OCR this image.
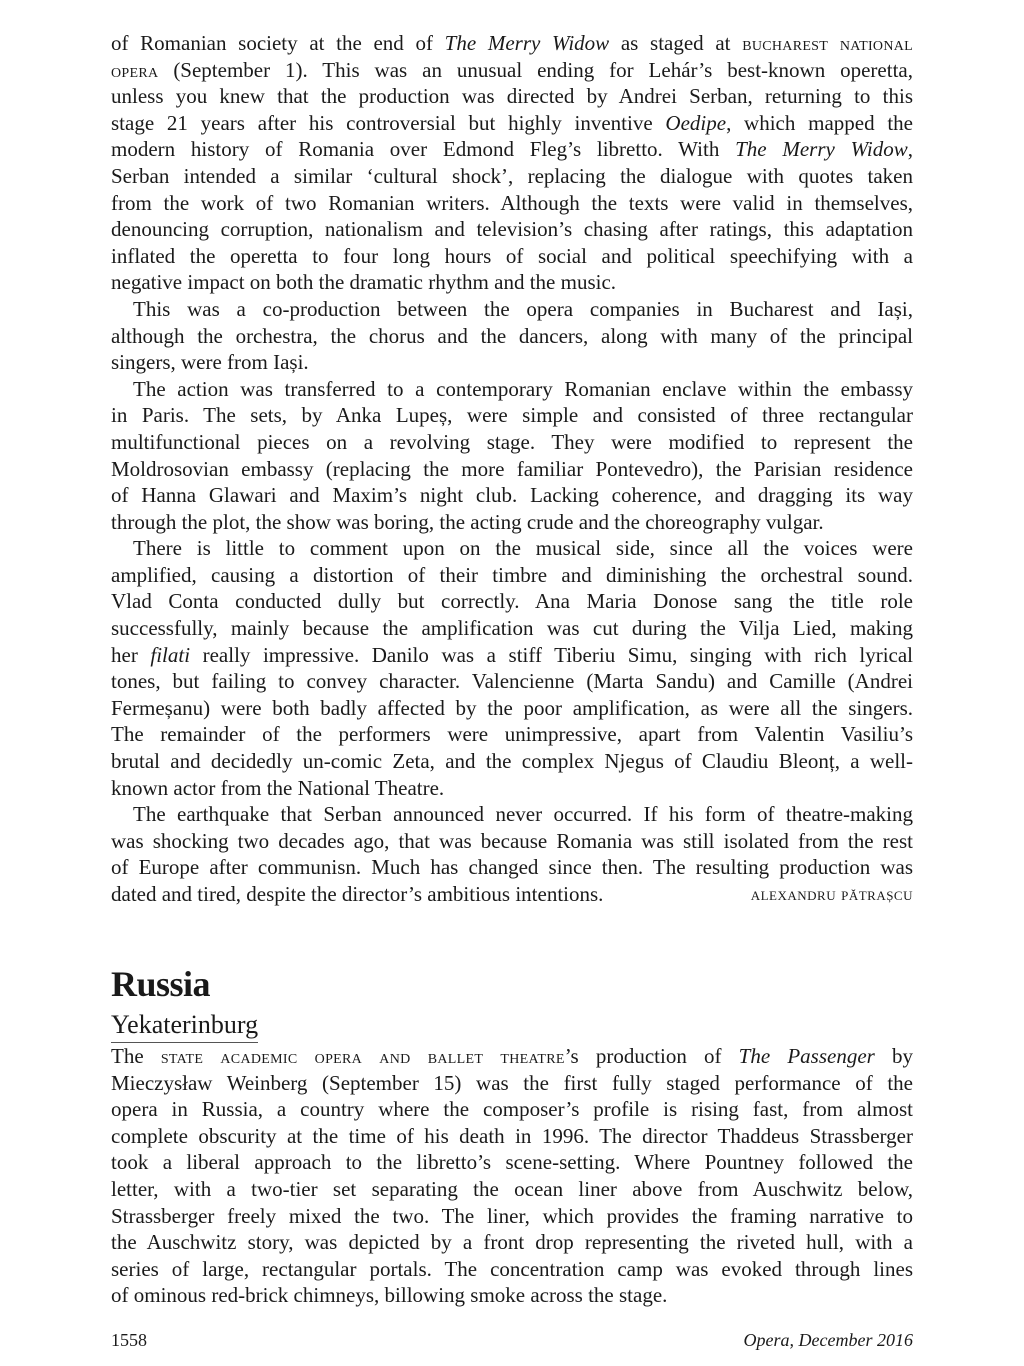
of Romanian society at the end of The Merry Widow as staged at bucharest national
opera (September 1). This was an unusual ending for Lehár’s best-known operetta,
unless you knew that the production was directed by Andrei Serban, returning to this
stage 21 years after his controversial but highly inventive Oedipe, which mapped the
modern history of Romania over Edmond Fleg’s libretto. With The Merry Widow,
Serban intended a similar ‘cultural shock’, replacing the dialogue with quotes taken
from the work of two Romanian writers. Although the texts were valid in themselves,
denouncing corruption, nationalism and television’s chasing after ratings, this adaptation
inflated the operetta to four long hours of social and political speechifying with a
negative impact on both the dramatic rhythm and the music.
This was a co-production between the opera companies in Bucharest and Iași,
although the orchestra, the chorus and the dancers, along with many of the principal
singers, were from Iași.
The action was transferred to a contemporary Romanian enclave within the embassy
in Paris. The sets, by Anka Lupeș, were simple and consisted of three rectangular
multifunctional pieces on a revolving stage. They were modified to represent the
Moldrosovian embassy (replacing the more familiar Pontevedro), the Parisian residence
of Hanna Glawari and Maxim’s night club. Lacking coherence, and dragging its way
through the plot, the show was boring, the acting crude and the choreography vulgar.
There is little to comment upon on the musical side, since all the voices were
amplified, causing a distortion of their timbre and diminishing the orchestral sound.
Vlad Conta conducted dully but correctly. Ana Maria Donose sang the title role
successfully, mainly because the amplification was cut during the Vilja Lied, making
her filati really impressive. Danilo was a stiff Tiberiu Simu, singing with rich lyrical
tones, but failing to convey character. Valencienne (Marta Sandu) and Camille (Andrei
Fermeșanu) were both badly affected by the poor amplification, as were all the singers.
The remainder of the performers were unimpressive, apart from Valentin Vasiliu’s
brutal and decidedly un-comic Zeta, and the complex Njegus of Claudiu Bleonț, a well-
known actor from the National Theatre.
The earthquake that Serban announced never occurred. If his form of theatre-making
was shocking two decades ago, that was because Romania was still isolated from the rest
of Europe after communisn. Much has changed since then. The resulting production was
dated and tired, despite the director’s ambitious intentions.	alexandru pătrașcu
Russia
Yekaterinburg
The state academic opera and ballet theatre’s production of The Passenger by
Mieczysław Weinberg (September 15) was the first fully staged performance of the
opera in Russia, a country where the composer’s profile is rising fast, from almost
complete obscurity at the time of his death in 1996. The director Thaddeus Strassberger
took a liberal approach to the libretto’s scene-setting. Where Pountney followed the
letter, with a two-tier set separating the ocean liner above from Auschwitz below,
Strassberger freely mixed the two. The liner, which provides the framing narrative to
the Auschwitz story, was depicted by a front drop representing the riveted hull, with a
series of large, rectangular portals. The concentration camp was evoked through lines
of ominous red-brick chimneys, billowing smoke across the stage.
1558	Opera, December 2016
